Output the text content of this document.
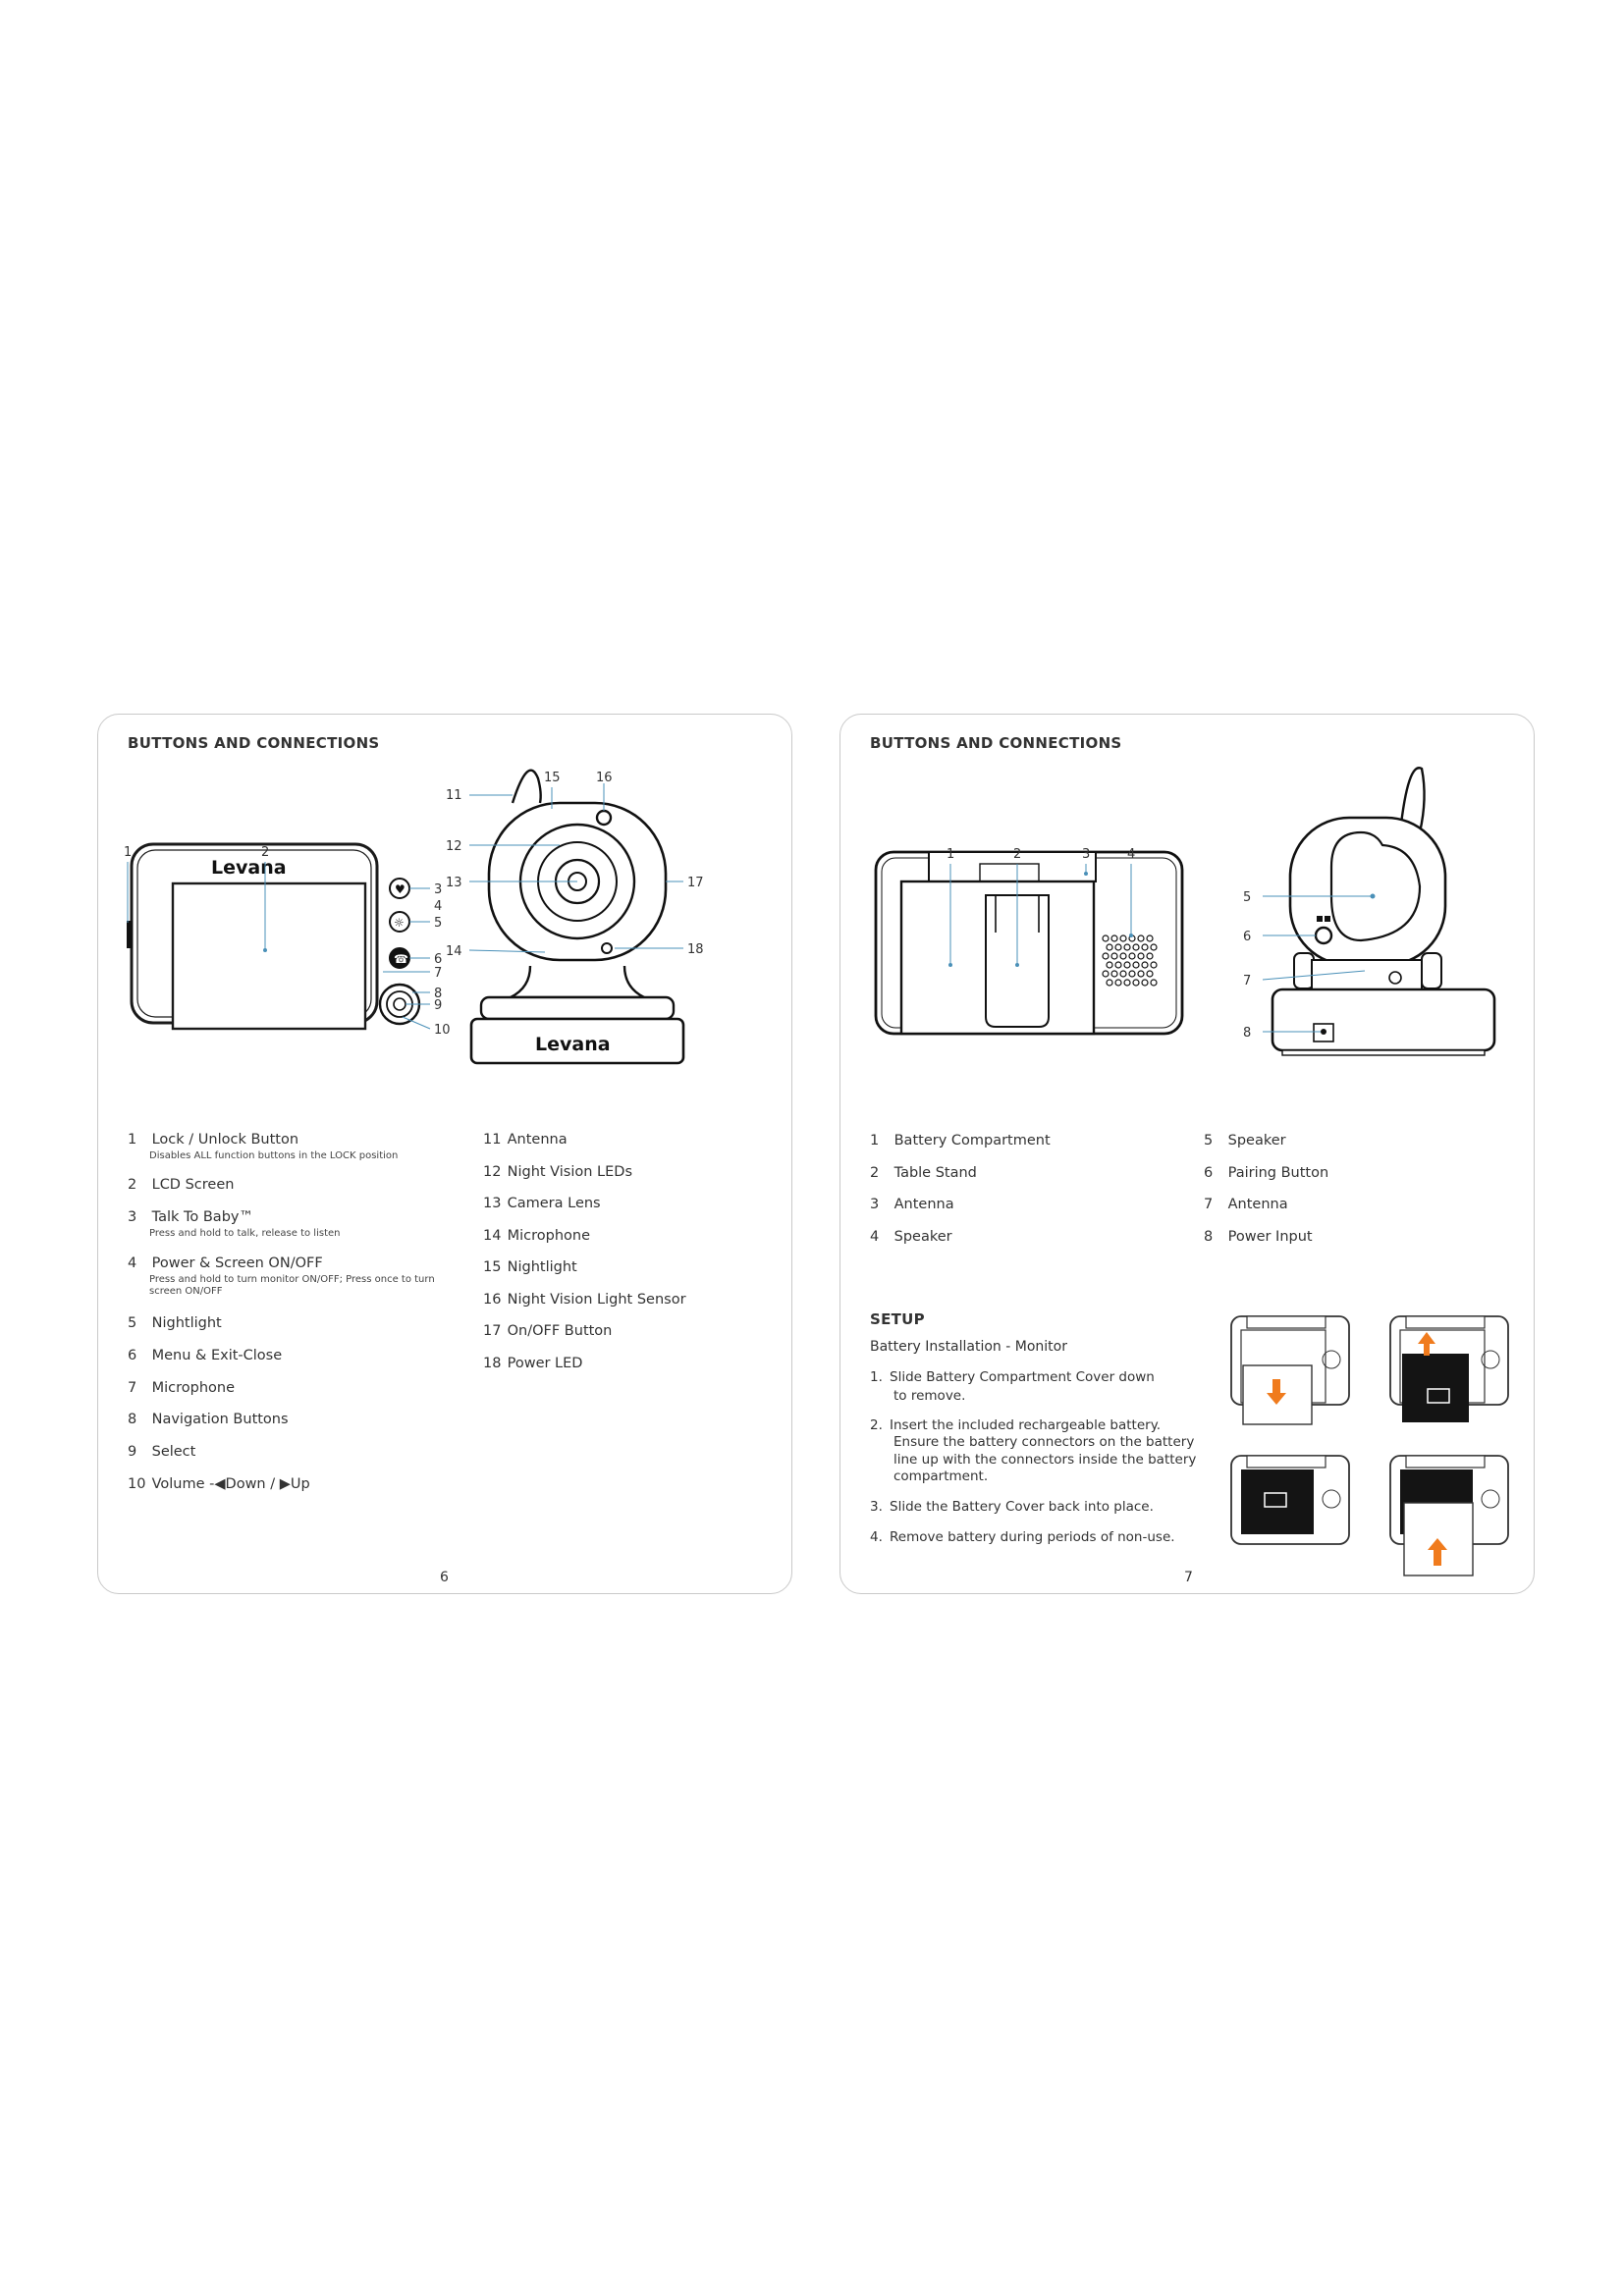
BUTTONS AND CONNECTIONS
Levana
♥
☼
☎
1	2
3
4
5
6
7
8
9
10
Levana
11
12
13
14
15	16
17
18
1 Lock / Unlock Button
Disables ALL function buttons in the LOCK position
2 LCD Screen
3 Talk To Baby™
Press and hold to talk, release to listen
4 Power & Screen ON/OFF
Press and hold to turn monitor ON/OFF; Press once to turn screen ON/OFF
5 Nightlight
6 Menu & Exit-Close
7 Microphone
8 Navigation Buttons
9 Select
10 Volume -◀Down / ▶Up
11 Antenna
12 Night Vision LEDs
13 Camera Lens
14 Microphone
15 Nightlight
16 Night Vision Light Sensor
17 On/OFF Button
18 Power LED
6
BUTTONS AND CONNECTIONS
1	2	3	4
5
6
7
8
1 Battery Compartment
2 Table Stand
3 Antenna
4 Speaker
5 Speaker
6 Pairing Button
7 Antenna
8 Power Input
SETUP
Battery Installation - Monitor
1. Slide Battery Compartment Cover down
to remove.
2. Insert the included rechargeable battery.
Ensure the battery connectors on the battery
line up with the connectors inside the battery
compartment.
3. Slide the Battery Cover back into place.
4. Remove battery during periods of non-use.
7
